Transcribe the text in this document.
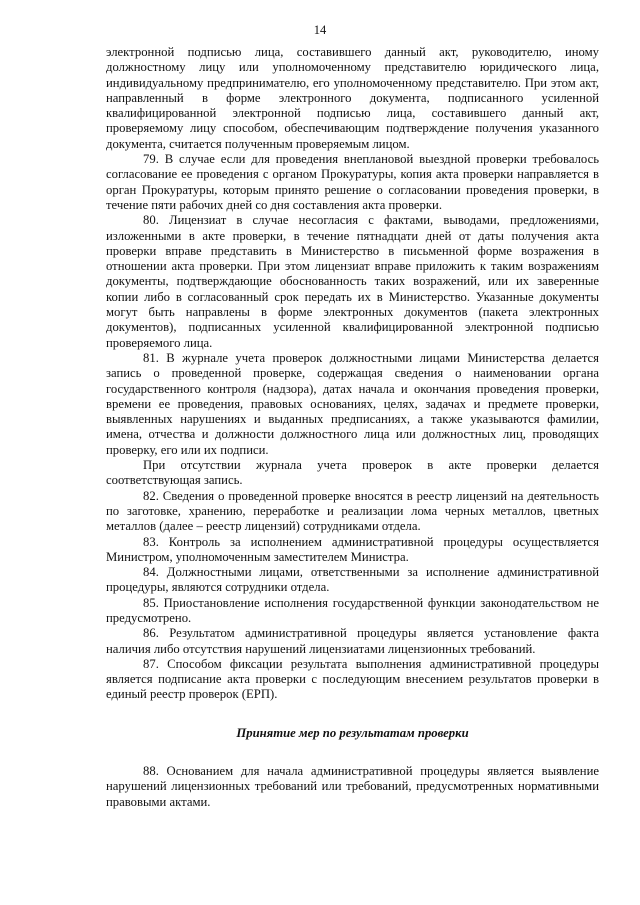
14

электронной подписью лица, составившего данный акт, руководителю, иному должностному лицу или уполномоченному представителю юридического лица, индивидуальному предпринимателю, его уполномоченному представителю. При этом акт, направленный в форме электронного документа, подписанного усиленной квалифицированной электронной подписью лица, составившего данный акт, проверяемому лицу способом, обеспечивающим подтверждение получения указанного документа, считается полученным проверяемым лицом.

79. В случае если для проведения внеплановой выездной проверки требовалось согласование ее проведения с органом Прокуратуры, копия акта проверки направляется в орган Прокуратуры, которым принято решение о согласовании проведения проверки, в течение пяти рабочих дней со дня составления акта проверки.

80. Лицензиат в случае несогласия с фактами, выводами, предложениями, изложенными в акте проверки, в течение пятнадцати дней от даты получения акта проверки вправе представить в Министерство в письменной форме возражения в отношении акта проверки. При этом лицензиат вправе приложить к таким возражениям документы, подтверждающие обоснованность таких возражений, или их заверенные копии либо в согласованный срок передать их в Министерство. Указанные документы могут быть направлены в форме электронных документов (пакета электронных документов), подписанных усиленной квалифицированной электронной подписью проверяемого лица.

81. В журнале учета проверок должностными лицами Министерства делается запись о проведенной проверке, содержащая сведения о наименовании органа государственного контроля (надзора), датах начала и окончания проведения проверки, времени ее проведения, правовых основаниях, целях, задачах и предмете проверки, выявленных нарушениях и выданных предписаниях, а также указываются фамилии, имена, отчества и должности должностного лица или должностных лиц, проводящих проверку, его или их подписи.

При отсутствии журнала учета проверок в акте проверки делается соответствующая запись.

82. Сведения о проведенной проверке вносятся в реестр лицензий на деятельность по заготовке, хранению, переработке и реализации лома черных металлов, цветных металлов (далее – реестр лицензий) сотрудниками отдела.

83. Контроль за исполнением административной процедуры осуществляется Министром, уполномоченным заместителем Министра.

84. Должностными лицами, ответственными за исполнение административной процедуры, являются сотрудники отдела.

85. Приостановление исполнения государственной функции законодательством не предусмотрено.

86. Результатом административной процедуры является установление факта наличия либо отсутствия нарушений лицензиатами лицензионных требований.

87. Способом фиксации результата выполнения административной процедуры является подписание акта проверки с последующим внесением результатов проверки в единый реестр проверок (ЕРП).

Принятие мер по результатам проверки

88. Основанием для начала административной процедуры является выявление нарушений лицензионных требований или требований, предусмотренных нормативными правовыми актами.
